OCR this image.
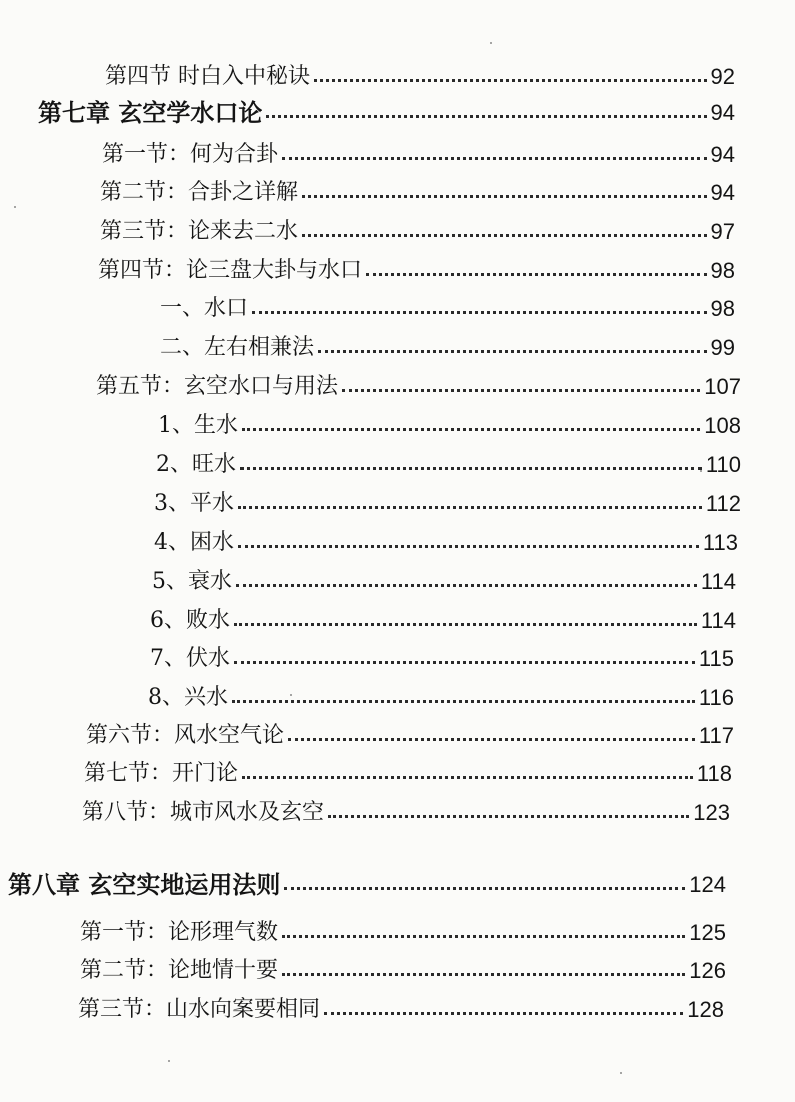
第四节 时白入中秘诀	92
第七章 玄空学水口论	94
第一节：何为合卦	94
第二节：合卦之详解	94
第三节：论来去二水	97
第四节：论三盘大卦与水口	98
一、水口	98
二、左右相兼法	99
第五节：玄空水口与用法	107
1、生水	108
2、旺水	110
3、平水	112
4、困水	113
5、衰水	114
6、败水	114
7、伏水	115
8、兴水	116
第六节：风水空气论	117
第七节：开门论	118
第八节：城市风水及玄空	123
第八章 玄空实地运用法则	124
第一节：论形理气数	125
第二节：论地情十要	126
第三节：山水向案要相同	128
